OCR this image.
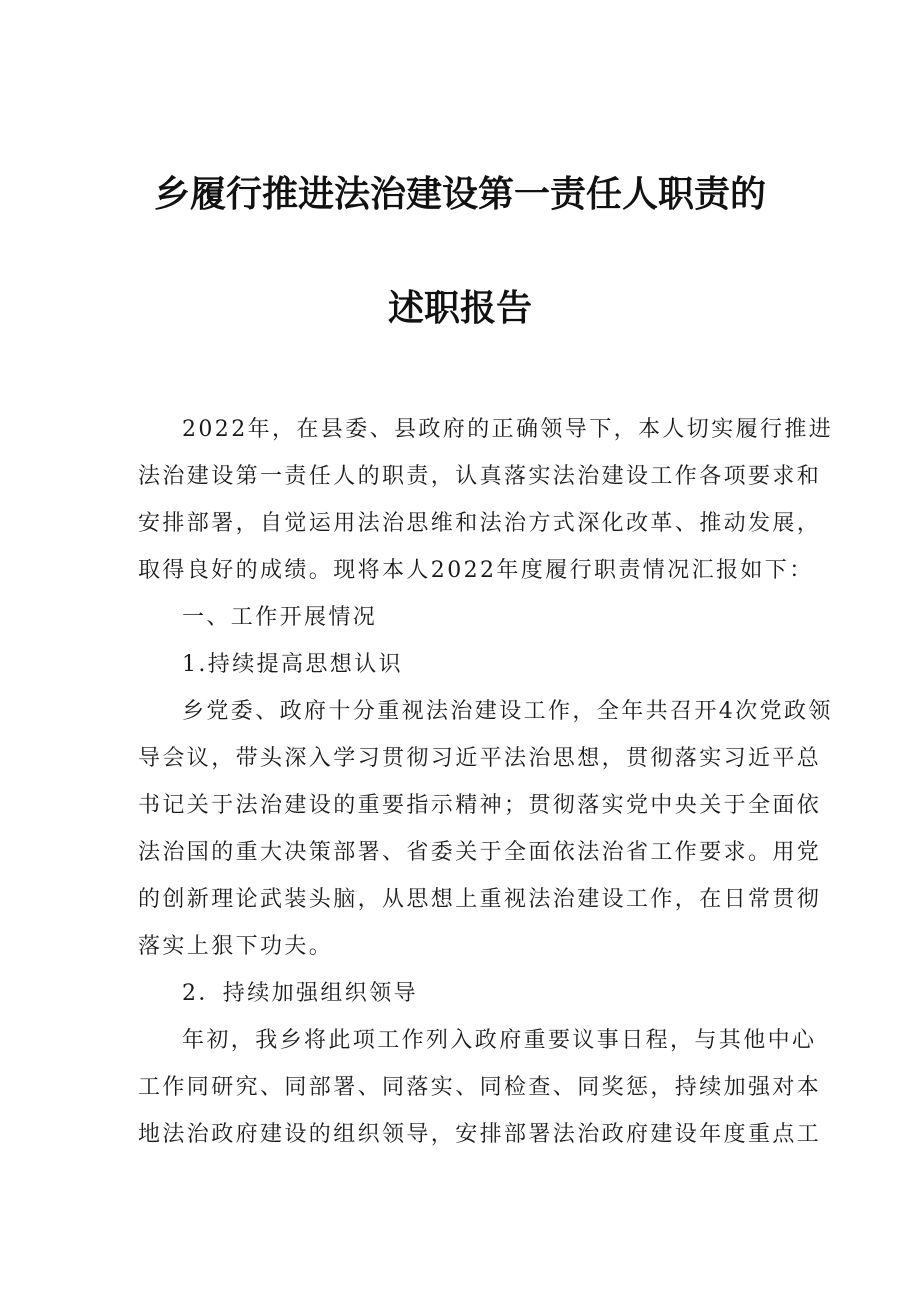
乡履行推进法治建设第一责任人职责的
述职报告
2022年，在县委、县政府的正确领导下，本人切实履行推进
法治建设第一责任人的职责，认真落实法治建设工作各项要求和
安排部署，自觉运用法治思维和法治方式深化改革、推动发展，
取得良好的成绩。现将本人2022年度履行职责情况汇报如下：
一、工作开展情况
1.持续提高思想认识
乡党委、政府十分重视法治建设工作，全年共召开4次党政领
导会议，带头深入学习贯彻习近平法治思想，贯彻落实习近平总
书记关于法治建设的重要指示精神；贯彻落实党中央关于全面依
法治国的重大决策部署、省委关于全面依法治省工作要求。用党
的创新理论武装头脑，从思想上重视法治建设工作，在日常贯彻
落实上狠下功夫。
2．持续加强组织领导
年初，我乡将此项工作列入政府重要议事日程，与其他中心
工作同研究、同部署、同落实、同检查、同奖惩，持续加强对本
地法治政府建设的组织领导，安排部署法治政府建设年度重点工
